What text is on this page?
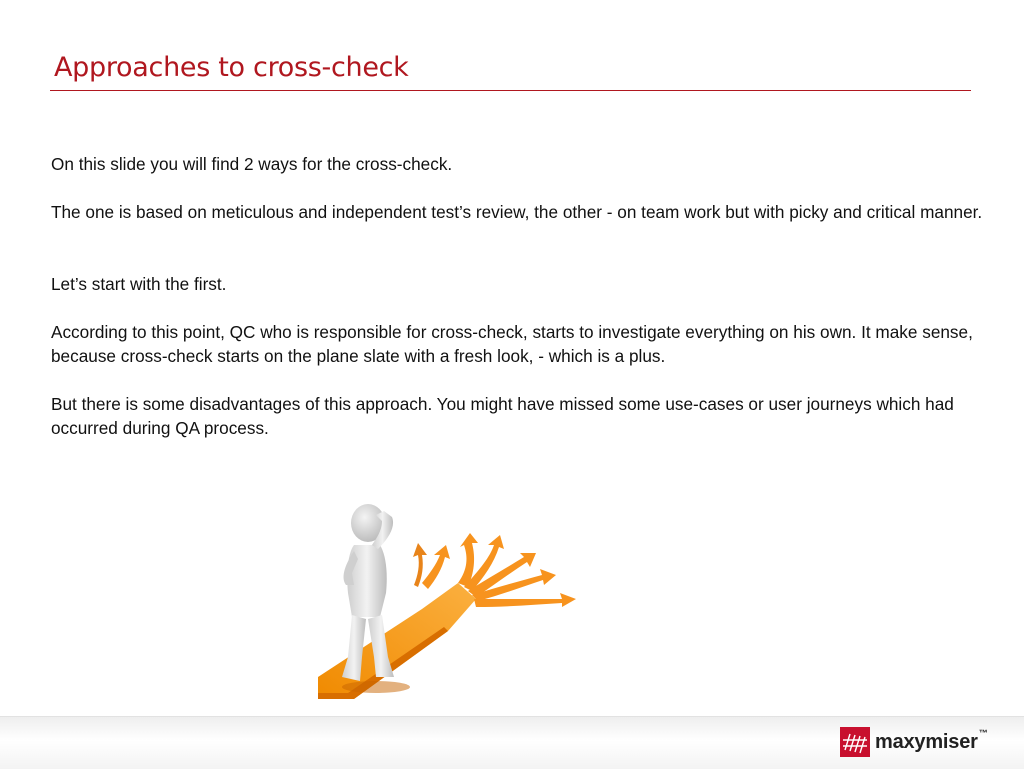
Approaches to cross-check

On this slide you will find 2 ways for the cross-check.

The one is based on meticulous and independent test’s review, the other - on team work but with picky and critical manner.

Let’s start with the first.

According to this point, QC who is responsible for cross-check, starts to investigate everything on his own. It make sense, because cross-check starts on the plane slate with a fresh look, - which is a plus.

But there is some disadvantages of this approach. You might have missed some use-cases or user journeys which had occurred during QA process.

maxymiser ™
